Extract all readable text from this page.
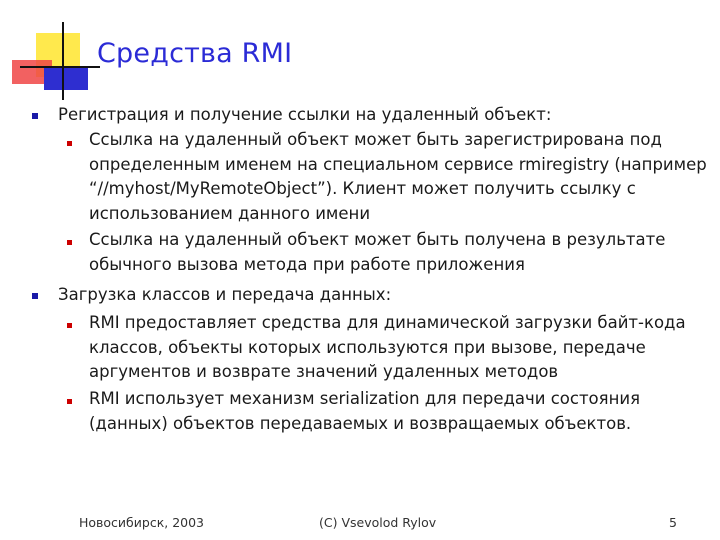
Средства RMI

Регистрация и получение ссылки на удаленный объект:

Ссылка на удаленный объект может быть зарегистрирована под определенным именем на специальном сервисе rmiregistry (например “//myhost/MyRemoteObject”). Клиент может получить ссылку с использованием данного имени

Ссылка на удаленный объект может быть получена в результате обычного вызова метода при работе приложения

Загрузка классов и передача данных:

RMI предоставляет средства для динамической загрузки байт-кода классов, объекты которых используются при вызове, передаче аргументов и возврате значений удаленных методов

RMI использует механизм serialization для передачи состояния (данных) объектов передаваемых и возвращаемых объектов.

Новосибирск, 2003	(C) Vsevolod Rylov	5
